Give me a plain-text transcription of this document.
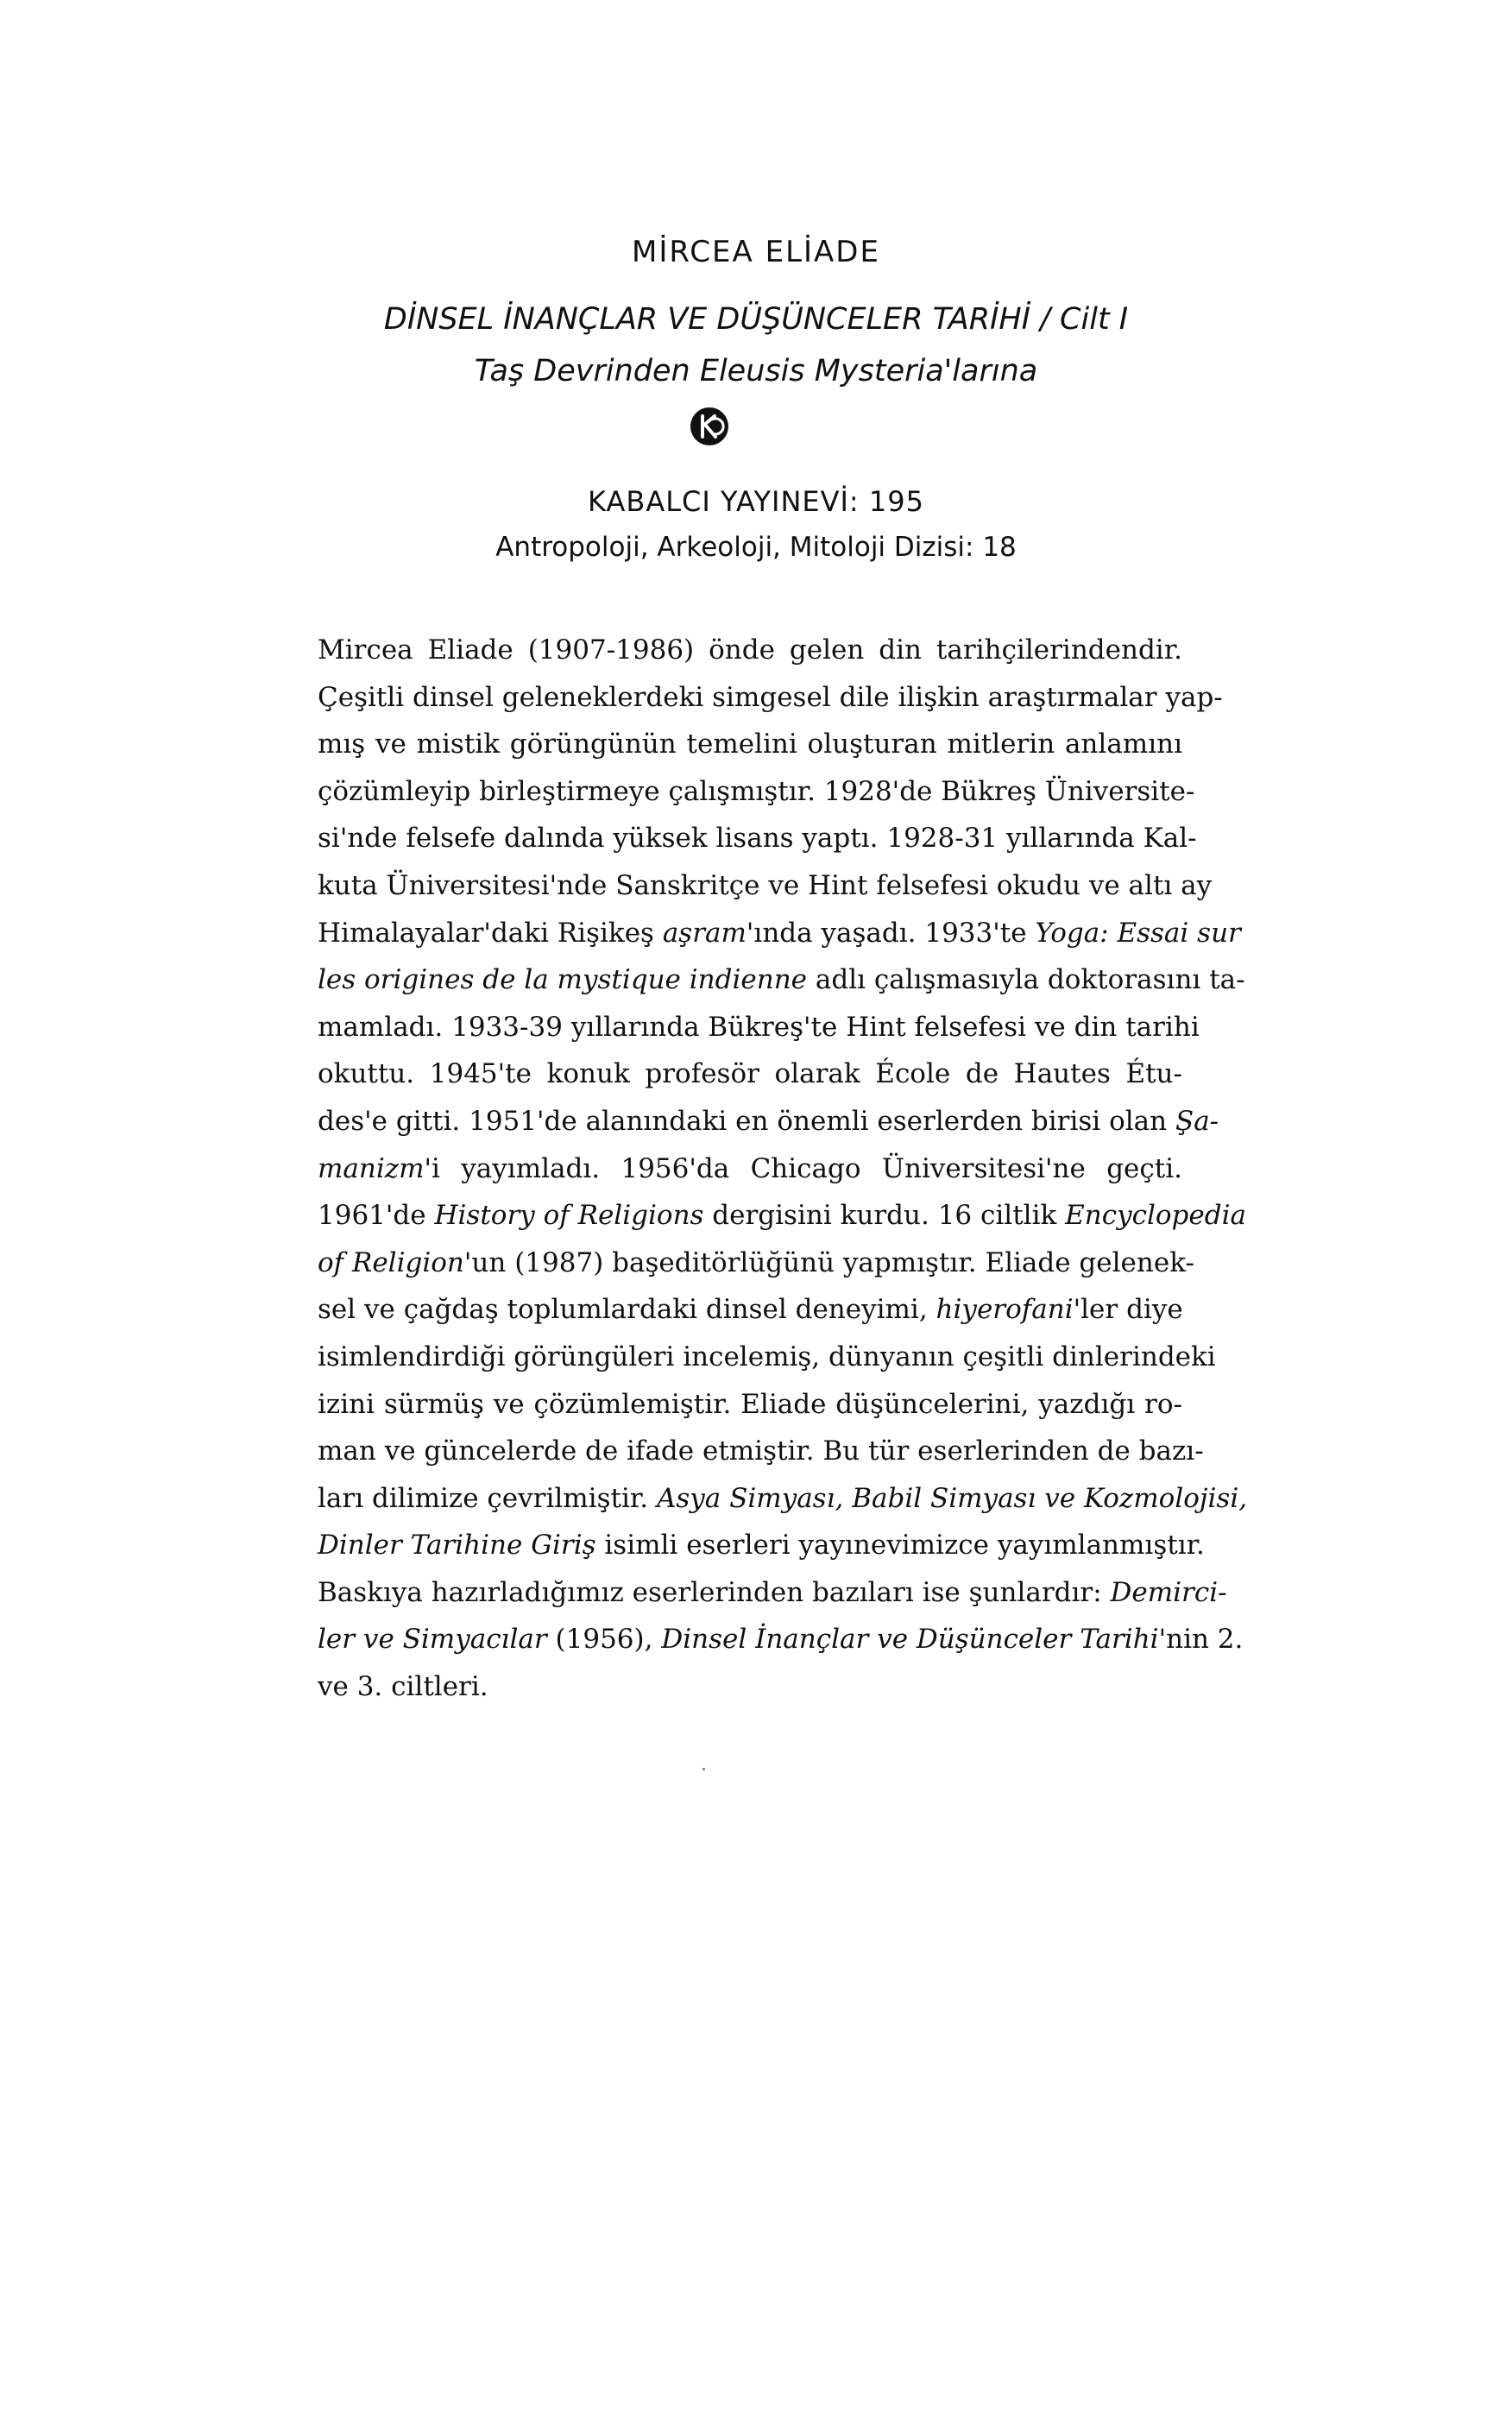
MİRCEA ELİADE
DİNSEL İNANÇLAR VE DÜŞÜNCELER TARİHİ / Cilt I
Taş Devrinden Eleusis Mysteria'larına
KABALCI YAYINEVİ: 195
Antropoloji, Arkeoloji, Mitoloji Dizisi: 18
Mircea Eliade (1907-1986) önde gelen din tarihçilerindendir.
Çeşitli dinsel geleneklerdeki simgesel dile ilişkin araştırmalar yap-
mış ve mistik görüngünün temelini oluşturan mitlerin anlamını
çözümleyip birleştirmeye çalışmıştır. 1928'de Bükreş Üniversite-
si'nde felsefe dalında yüksek lisans yaptı. 1928-31 yıllarında Kal-
kuta Üniversitesi'nde Sanskritçe ve Hint felsefesi okudu ve altı ay
Himalayalar'daki Rişikeş aşram'ında yaşadı. 1933'te Yoga: Essai sur
les origines de la mystique indienne adlı çalışmasıyla doktorasını ta-
mamladı. 1933-39 yıllarında Bükreş'te Hint felsefesi ve din tarihi
okuttu. 1945'te konuk profesör olarak École de Hautes Étu-
des'e gitti. 1951'de alanındaki en önemli eserlerden birisi olan Şa-
manizm'i yayımladı. 1956'da Chicago Üniversitesi'ne geçti.
1961'de History of Religions dergisini kurdu. 16 ciltlik Encyclopedia
of Religion'un (1987) başeditörlüğünü yapmıştır. Eliade gelenek-
sel ve çağdaş toplumlardaki dinsel deneyimi, hiyerofani'ler diye
isimlendirdiği görüngüleri incelemiş, dünyanın çeşitli dinlerindeki
izini sürmüş ve çözümlemiştir. Eliade düşüncelerini, yazdığı ro-
man ve güncelerde de ifade etmiştir. Bu tür eserlerinden de bazı-
ları dilimize çevrilmiştir. Asya Simyası, Babil Simyası ve Kozmolojisi,
Dinler Tarihine Giriş isimli eserleri yayınevimizce yayımlanmıştır.
Baskıya hazırladığımız eserlerinden bazıları ise şunlardır: Demirci-
ler ve Simyacılar (1956), Dinsel İnançlar ve Düşünceler Tarihi'nin 2.
ve 3. ciltleri.
